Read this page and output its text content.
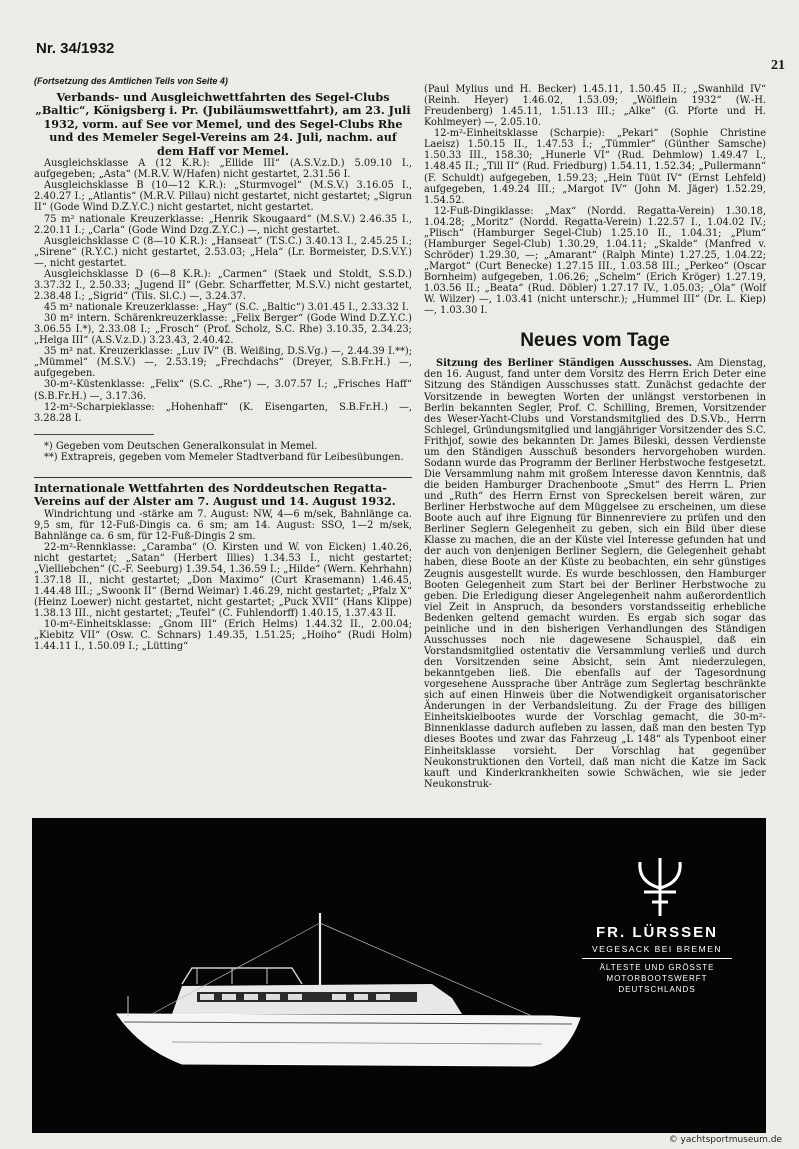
Nr. 34/1932
21
(Fortsetzung des Amtlichen Teils von Seite 4)
Verbands- und Ausgleichwettfahrten des Segel-Clubs „Baltic“, Königsberg i. Pr. (Jubiläumswettfahrt), am 23. Juli 1932, vorm. auf See vor Memel, und des Segel-Clubs Rhe und des Memeler Segel-Vereins am 24. Juli, nachm. auf dem Haff vor Memel.

Ausgleichsklasse A (12 K.R.): „Ellide III“ (A.S.V.z.D.) 5.09.10 I., aufgegeben; „Asta“ (M.R.V. W/Hafen) nicht gestartet, 2.31.56 I.

Ausgleichsklasse B (10—12 K.R.): „Sturmvogel“ (M.S.V.) 3.16.05 I., 2.40.27 I.; „Atlantis“ (M.R.V. Pillau) nicht gestartet, nicht gestartet; „Sigrun II“ (Gode Wind D.Z.Y.C.) nicht gestartet, nicht gestartet.

75 m² nationale Kreuzerklasse: „Henrik Skougaard“ (M.S.V.) 2.46.35 I., 2.20.11 I.; „Carla“ (Gode Wind Dzg.Z.Y.C.) —, nicht gestartet.

Ausgleichsklasse C (8—10 K.R.): „Hanseat“ (T.S.C.) 3.40.13 I., 2.45.25 I.; „Sirene“ (R.Y.C.) nicht gestartet, 2.53.03; „Hela“ (Lr. Bormeister, D.S.V.Y.) —, nicht gestartet.

Ausgleichsklasse D (6—8 K.R.): „Carmen“ (Staek und Stoldt, S.S.D.) 3.37.32 I., 2.50.33; „Jugend II“ (Gebr. Scharffetter, M.S.V.) nicht gestartet, 2.38.48 I.; „Sigrid“ (Tils. Sl.C.) —, 3.24.37.

45 m² nationale Kreuzerklasse: „Hay“ (S.C. „Baltic“) 3.01.45 I., 2.33.32 I.

30 m² intern. Schärenkreuzerklasse: „Felix Berger“ (Gode Wind D.Z.Y.C.) 3.06.55 I.*), 2.33.08 I.; „Frosch“ (Prof. Scholz, S.C. Rhe) 3.10.35, 2.34.23; „Helga III“ (A.S.V.z.D.) 3.23.43, 2.40.42.

35 m² nat. Kreuzerklasse: „Luv IV“ (B. Weißing, D.S.Vg.) —, 2.44.39 I.**); „Mümmel“ (M.S.V.) —, 2.53.19; „Frechdachs“ (Dreyer, S.B.Fr.H.) —, aufgegeben.

30-m²-Küstenklasse: „Felix“ (S.C. „Rhe“) —, 3.07.57 I.; „Frisches Haff“ (S.B.Fr.H.) —, 3.17.36.

12-m²-Scharpieklasse: „Hohenhaff“ (K. Eisengarten, S.B.Fr.H.) —, 3.28.28 I.

*) Gegeben vom Deutschen Generalkonsulat in Memel.

**) Extrapreis, gegeben vom Memeler Stadtverband für Leibesübungen.

Internationale Wettfahrten des Norddeutschen Regatta-Vereins auf der Alster am 7. August und 14. August 1932.

Windrichtung und -stärke am 7. August: NW, 4—6 m/sek, Bahnlänge ca. 9,5 sm, für 12-Fuß-Dingis ca. 6 sm; am 14. August: SSO, 1—2 m/sek, Bahnlänge ca. 6 sm, für 12-Fuß-Dingis 2 sm.

22-m²-Rennklasse: „Caramba“ (O. Kirsten und W. von Eicken) 1.40.26, nicht gestartet; „Satan“ (Herbert Illies) 1.34.53 I., nicht gestartet; „Vielliebchen“ (C.-F. Seeburg) 1.39.54, 1.36.59 I.; „Hilde“ (Wern. Kehrhahn) 1.37.18 II., nicht gestartet; „Don Maximo“ (Curt Krasemann) 1.46.45, 1.44.48 III.; „Swoonk II“ (Bernd Weimar) 1.46.29, nicht gestartet; „Pfalz X“ (Heinz Loewer) nicht gestartet, nicht gestartet; „Puck XVII“ (Hans Klippe) 1.38.13 III., nicht gestartet; „Teufel“ (C. Fuhlendorff) 1.40.15, 1.37.43 II.

10-m²-Einheitsklasse: „Gnom III“ (Erich Helms) 1.44.32 II., 2.00.04; „Kiebitz VII“ (Osw. C. Schnars) 1.49.35, 1.51.25; „Hoiho“ (Rudi Holm) 1.44.11 I., 1.50.09 I.; „Lütting“

(Paul Mylius und H. Becker) 1.45.11, 1.50.45 II.; „Swanhild IV“ (Reinh. Heyer) 1.46.02, 1.53.09; „Wölflein 1932“ (W.-H. Freudenberg) 1.45.11, 1.51.13 III.; „Alke“ (G. Pforte und H. Kohlmeyer) —, 2.05.10.

12-m²-Einheitsklasse (Scharpie): „Pekari“ (Sophie Christine Laeisz) 1.50.15 II., 1.47.53 I.; „Tümmler“ (Günther Samsche) 1.50.33 III., 158.30; „Hunerle VI“ (Rud. Dehmlow) 1.49.47 I., 1.48.45 II.; „Till II“ (Rud. Friedburg) 1.54.11, 1.52.34; „Pullermann“ (F. Schuldt) aufgegeben, 1.59.23; „Hein Tüüt IV“ (Ernst Lehfeld) aufgegeben, 1.49.24 III.; „Margot IV“ (John M. Jäger) 1.52.29, 1.54.52.

12-Fuß-Dingiklasse: „Max“ (Nordd. Regatta-Verein) 1.30.18, 1.04.28; „Moritz“ (Nordd. Regatta-Verein) 1.22.57 I., 1.04.02 IV.; „Plisch“ (Hamburger Segel-Club) 1.25.10 II., 1.04.31; „Plum“ (Hamburger Segel-Club) 1.30.29, 1.04.11; „Skalde“ (Manfred v. Schröder) 1.29.30, —; „Amarant“ (Ralph Minte) 1.27.25, 1.04.22; „Margot“ (Curt Benecke) 1.27.15 III., 1.03.58 III.; „Perkeo“ (Oscar Bornheim) aufgegeben, 1.06.26; „Schelm“ (Erich Kröger) 1.27.19, 1.03.56 II.; „Beata“ (Rud. Döbler) 1.27.17 IV., 1.05.03; „Ola“ (Wolf W. Wilzer) —, 1.03.41 (nicht unterschr.); „Hummel III“ (Dr. L. Kiep) —, 1.03.30 I.

Neues vom Tage

Sitzung des Berliner Ständigen Ausschusses. Am Dienstag, den 16. August, fand unter dem Vorsitz des Herrn Erich Deter eine Sitzung des Ständigen Ausschusses statt. Zunächst gedachte der Vorsitzende in bewegten Worten der unlängst verstorbenen in Berlin bekannten Segler, Prof. C. Schilling, Bremen, Vorsitzender des Weser-Yacht-Clubs und Vorstandsmitglied des D.S.Vb., Herrn Schlegel, Gründungsmitglied und langjähriger Vorsitzender des S.C. Frithjof, sowie des bekannten Dr. James Bileski, dessen Verdienste um den Ständigen Ausschuß besonders hervorgehoben wurden. Sodann wurde das Programm der Berliner Herbstwoche festgesetzt. Die Versammlung nahm mit großem Interesse davon Kenntnis, daß die beiden Hamburger Drachenboote „Smut“ des Herrn L. Prien und „Ruth“ des Herrn Ernst von Spreckelsen bereit wären, zur Berliner Herbstwoche auf dem Müggelsee zu erscheinen, um diese Boote auch auf ihre Eignung für Binnenreviere zu prüfen und den Berliner Seglern Gelegenheit zu geben, sich ein Bild über diese Klasse zu machen, die an der Küste viel Interesse gefunden hat und der auch von denjenigen Berliner Seglern, die Gelegenheit gehabt haben, diese Boote an der Küste zu beobachten, ein sehr günstiges Zeugnis ausgestellt wurde. Es wurde beschlossen, den Hamburger Booten Gelegenheit zum Start bei der Berliner Herbstwoche zu geben. Die Erledigung dieser Angelegenheit nahm außerordentlich viel Zeit in Anspruch, da besonders vorstandsseitig erhebliche Bedenken geltend gemacht wurden. Es ergab sich sogar das peinliche und in den bisherigen Verhandlungen des Ständigen Ausschusses noch nie dagewesene Schauspiel, daß ein Vorstandsmitglied ostentativ die Versammlung verließ und durch den Vorsitzenden seine Absicht, sein Amt niederzulegen, bekanntgeben ließ. Die ebenfalls auf der Tagesordnung vorgesehene Aussprache über Anträge zum Seglertag beschränkte sich auf einen Hinweis über die Notwendigkeit organisatorischer Änderungen in der Verbandsleitung. Zu der Frage des billigen Einheitskielbootes wurde der Vorschlag gemacht, die 30-m²-Binnenklasse dadurch aufleben zu lassen, daß man den besten Typ dieses Bootes und zwar das Fahrzeug „L 148“ als Typenboot einer Einheitsklasse vorsieht. Der Vorschlag hat gegenüber Neukonstruktionen den Vorteil, daß man nicht die Katze im Sack kauft und Kinderkrankheiten sowie Schwächen, wie sie jeder Neukonstruk-

FR. LÜRSSEN
VEGESACK BEI BREMEN
ÄLTESTE UND GRÖSSTE
MOTORBOOTSWERFT
DEUTSCHLANDS
© yachtsportmuseum.de
